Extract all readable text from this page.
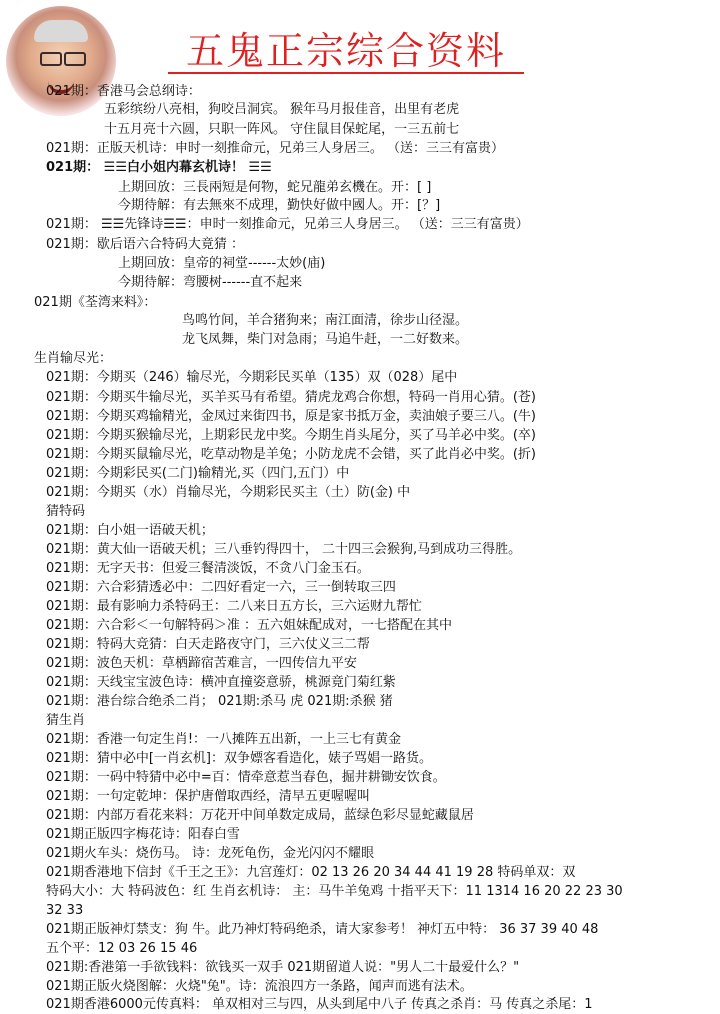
五鬼正宗综合资料
021期：香港马会总纲诗：
五彩缤纷八亮相，狗咬吕洞宾。 猴年马月报佳音，出里有老虎
十五月亮十六圆，只职一阵风。 守住鼠目保蛇尾，一三五前七
021期：正版天机诗：申时一刻推命元，兄弟三人身居三。 （送：三三有富贵）
021期： ☰☰白小姐内幕玄机诗！ ☰☰
上期回放：三長兩短是何物，蛇兄龍弟玄機在。开：[ ]
今期待解：有去無來不成理，勤快好做中國人。开：[？]
021期： ☰☰先锋诗☰☰：申时一刻推命元，兄弟三人身居三。 （送：三三有富贵）
021期：歇后语六合特码大竟猜 ：
上期回放：皇帝的祠堂------太妙(庙)
今期待解：弯腰树------直不起来
021期《荃湾来料》：
鸟鸣竹间，羊合猪狗来；南江面清，徐步山径湿。
龙飞凤舞，柴门对急雨；马追牛赶，一二好数来。
生肖输尽光：
021期：今期买（246）输尽光，今期彩民买单（135）双（028）尾中
021期：今期买牛输尽光，买羊买马有希望。猜虎龙鸡合你想，特码一肖用心猜。(苍)
021期：今期买鸡输精光，金凤过来街四书，原是家书抵万金，卖油娘子要三八。(牛)
021期：今期买猴输尽光，上期彩民龙中奖。今期生肖头尾分，买了马羊必中奖。(卒)
021期：今期买鼠输尽光，吃草动物是羊兔；小防龙虎不会错，买了此肖必中奖。(折)
021期：今期彩民买(二门)输精光,买（四门,五门）中
021期：今期买（水）肖输尽光，今期彩民买主（土）防(金) 中
猜特码
021期：白小姐一语破天机；
021期：黄大仙一语破天机；三八垂钓得四十， 二十四三会猴狗,马到成功三得胜。
021期：无字天书：但爱三餐清淡饭，不贪八门金玉石。
021期：六合彩猜透必中：二四好看定一六，三一倒转取三四
021期：最有影响力杀特码王：二八来日五方长，三六运财九帮忙
021期：六合彩＜一句解特码＞准 ：五六姐妹配成对，一七搭配在其中
021期：特码大竞猜：白天走路夜守门，三六仗义三二帮
021期：波色天机：草栖蹄宿苦难言，一四传信九平安
021期：天线宝宝波色诗：横冲直撞姿意骄，桃源竟门菊红紫
021期：港台综合绝杀二肖； 021期:杀马 虎 021期:杀猴 猪
猜生肖
021期：香港一句定生肖!：一八摊阵五出新，一上三七有黄金
021期：猜中必中[一肖玄机]：双争嫖客看造化，婊子骂娼一路货。
021期：一码中特猜中必中=百：情牵意惹当春色，掘井耕锄安饮食。
021期：一句定乾坤：保护唐僧取西经，清早五更喔喔叫
021期：内部万看花来料：万花开中间单数定成局，蓝绿色彩尽显蛇藏鼠居
021期正版四字梅花诗：阳春白雪
021期火车头：烧伤马。 诗：龙死龟伤，金光闪闪不耀眼
021期香港地下信封《千王之王》：九宫莲灯：02 13 26 20 34 44 41 19 28 特码单双：双
特码大小：大 特码波色：红 生肖玄机诗： 主：马牛羊兔鸡 十指平天下：11 1314 16 20 22 23 30
32 33
021期正版神灯禁支：狗 牛。此乃神灯特码绝杀，请大家参考！ 神灯五中特： 36 37 39 40 48
五个平：12 03 26 15 46
021期:香港第一手欲钱料：欲钱买一双手 021期留道人说："男人二十最爱什么？"
021期正版火烧图解：火烧"兔"。诗：流浪四方一条路，闻声而逃有法术。
021期香港6000元传真料： 单双相对三与四，从头到尾中八子 传真之杀肖：马 传真之杀尾：1
